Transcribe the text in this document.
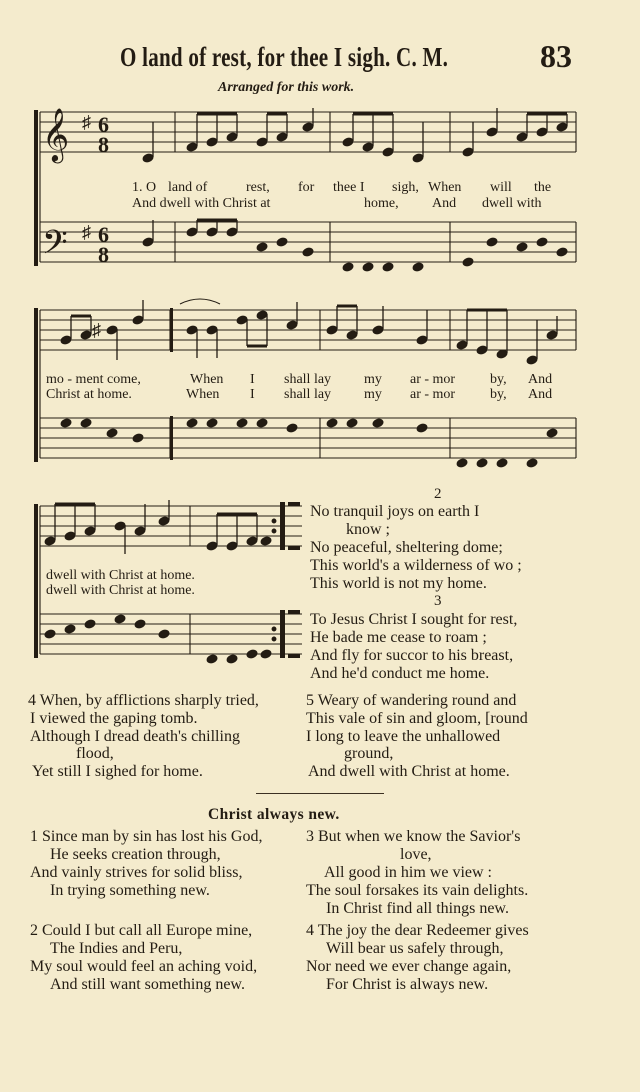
O land of rest, for thee I sigh. C. M.	83
Arranged for this work.
𝄞
𝄢
♯
♯
6
8
6
8
1. O land of	rest, for thee I sigh, When will the
And dwell with Christ at	home, And dwell with
♯
mo - ment come,	When I shall lay my ar - mor by, And
Christ at home.	When I shall lay my ar - mor by, And
dwell with Christ at home.
dwell with Christ at home.
2
No tranquil joys on earth I
know ;
No peaceful, sheltering dome;
This world's a wilderness of wo ;
This world is not my home.
3
To Jesus Christ I sought for rest,
He bade me cease to roam ;
And fly for succor to his breast,
And he'd conduct me home.
4 When, by afflictions sharply tried,
I viewed the gaping tomb.
Although I dread death's chilling
flood,
Yet still I sighed for home.
5 Weary of wandering round and
This vale of sin and gloom, [round
I long to leave the unhallowed
ground,
And dwell with Christ at home.
Christ always new.
1 Since man by sin has lost his God,
He seeks creation through,
And vainly strives for solid bliss,
In trying something new.
3 But when we know the Savior's
love,
All good in him we view :
The soul forsakes its vain delights.
In Christ find all things new.
2 Could I but call all Europe mine,
The Indies and Peru,
My soul would feel an aching void,
And still want something new.
4 The joy the dear Redeemer gives
Will bear us safely through,
Nor need we ever change again,
For Christ is always new.
